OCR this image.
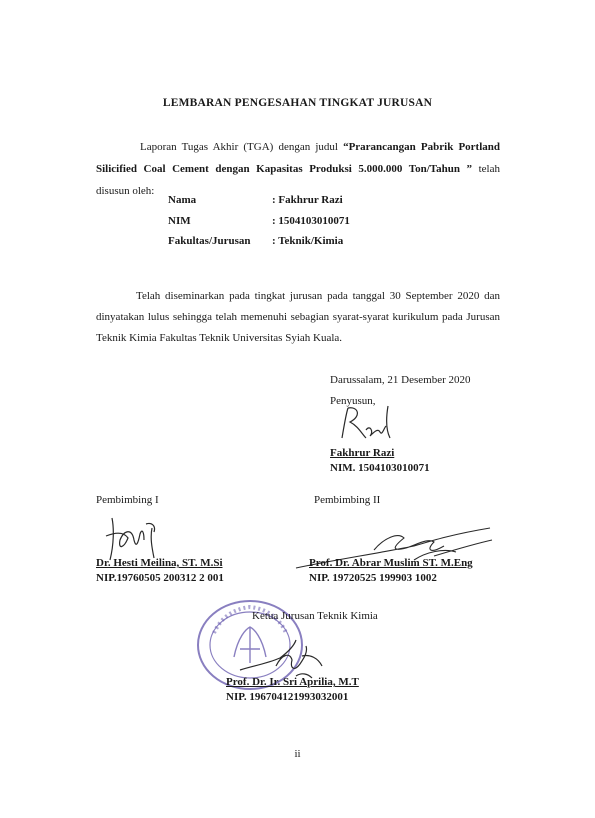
LEMBARAN PENGESAHAN TINGKAT JURUSAN
Laporan Tugas Akhir (TGA) dengan judul “Prarancangan Pabrik Portland Silicified Coal Cement dengan Kapasitas Produksi 5.000.000 Ton/Tahun ” telah disusun oleh:
Nama	: Fakhrur Razi
NIM	: 1504103010071
Fakultas/Jurusan	: Teknik/Kimia
Telah diseminarkan pada tingkat jurusan pada tanggal 30 September 2020 dan dinyatakan lulus sehingga telah memenuhi sebagian syarat-syarat kurikulum pada Jurusan Teknik Kimia Fakultas Teknik Universitas Syiah Kuala.
Darussalam, 21 Desember 2020
Penyusun,
Fakhrur Razi
NIM. 1504103010071
Pembimbing I	Pembimbing II
Dr. Hesti Meilina, ST. M.Si
NIP.19760505 200312 2 001
Prof. Dr. Abrar Muslim ST. M.Eng
NIP. 19720525 199903 1002
Ketua Jurusan Teknik Kimia
Prof. Dr. Ir. Sri Aprilia, M.T
NIP. 196704121993032001
ii
